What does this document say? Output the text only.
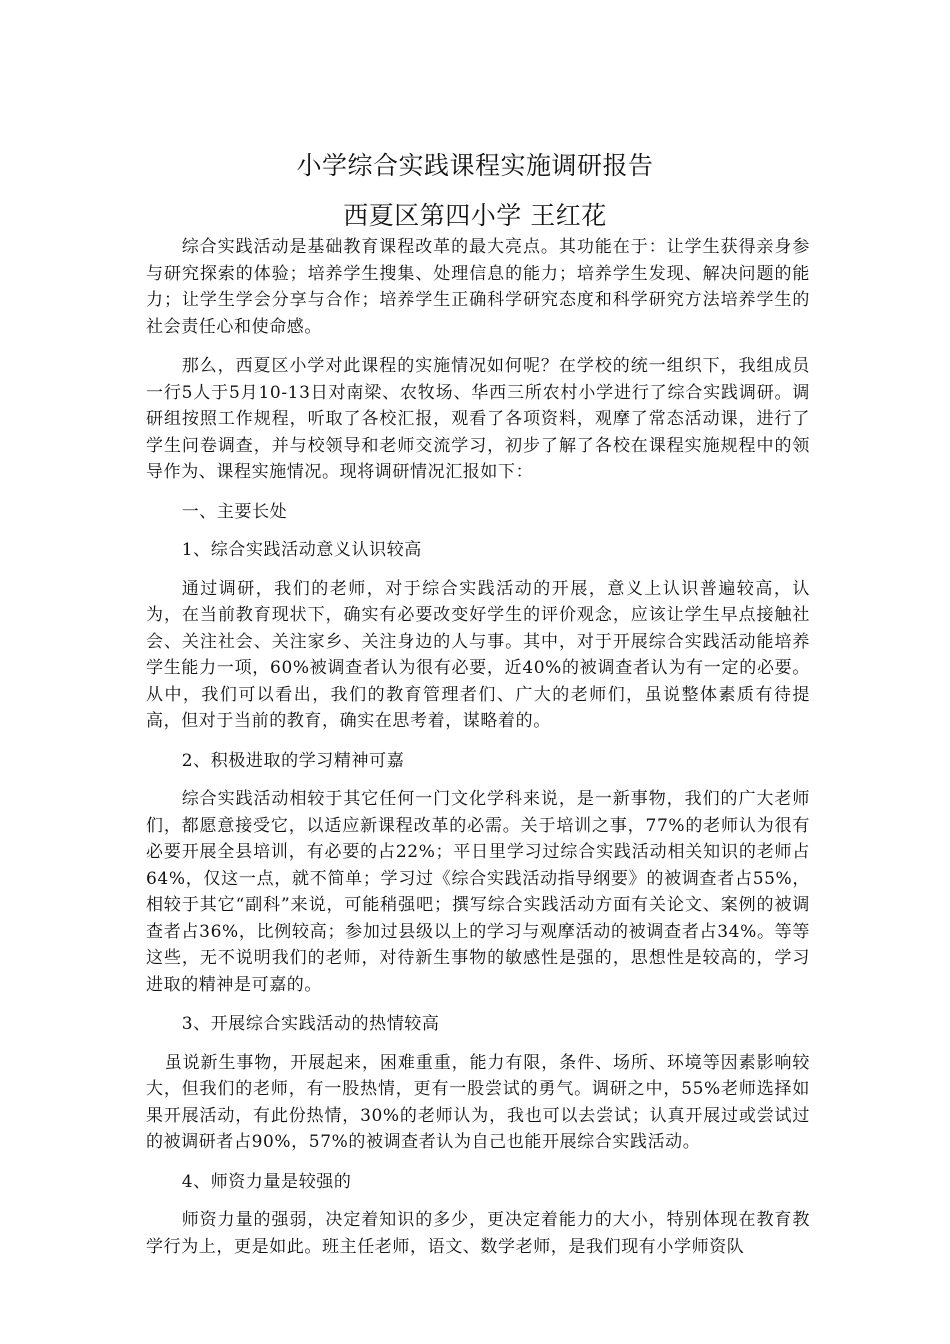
小学综合实践课程实施调研报告
西夏区第四小学 王红花

综合实践活动是基础教育课程改革的最大亮点。其功能在于：让学生获得亲身参与研究探索的体验；培养学生搜集、处理信息的能力；培养学生发现、解决问题的能力；让学生学会分享与合作；培养学生正确科学研究态度和科学研究方法培养学生的社会责任心和使命感。

那么，西夏区小学对此课程的实施情况如何呢？在学校的统一组织下，我组成员一行5人于5月10-13日对南梁、农牧场、华西三所农村小学进行了综合实践调研。调研组按照工作规程，听取了各校汇报，观看了各项资料，观摩了常态活动课，进行了学生问卷调查，并与校领导和老师交流学习，初步了解了各校在课程实施规程中的领导作为、课程实施情况。现将调研情况汇报如下：

一、主要长处

1、综合实践活动意义认识较高

通过调研，我们的老师，对于综合实践活动的开展，意义上认识普遍较高，认为，在当前教育现状下，确实有必要改变好学生的评价观念，应该让学生早点接触社会、关注社会、关注家乡、关注身边的人与事。其中，对于开展综合实践活动能培养学生能力一项，60%被调查者认为很有必要，近40%的被调查者认为有一定的必要。从中，我们可以看出，我们的教育管理者们、广大的老师们，虽说整体素质有待提高，但对于当前的教育，确实在思考着，谋略着的。

2、积极进取的学习精神可嘉

综合实践活动相较于其它任何一门文化学科来说，是一新事物，我们的广大老师们，都愿意接受它，以适应新课程改革的必需。关于培训之事，77%的老师认为很有必要开展全县培训，有必要的占22%；平日里学习过综合实践活动相关知识的老师占64%，仅这一点，就不简单；学习过《综合实践活动指导纲要》的被调查者占55%，相较于其它“副科”来说，可能稍强吧；撰写综合实践活动方面有关论文、案例的被调查者占36%，比例较高；参加过县级以上的学习与观摩活动的被调查者占34%。等等这些，无不说明我们的老师，对待新生事物的敏感性是强的，思想性是较高的，学习进取的精神是可嘉的。

3、开展综合实践活动的热情较高

虽说新生事物，开展起来，困难重重，能力有限，条件、场所、环境等因素影响较大，但我们的老师，有一股热情，更有一股尝试的勇气。调研之中，55%老师选择如果开展活动，有此份热情，30%的老师认为，我也可以去尝试；认真开展过或尝试过的被调研者占90%，57%的被调查者认为自己也能开展综合实践活动。

4、师资力量是较强的

师资力量的强弱，决定着知识的多少，更决定着能力的大小，特别体现在教育教学行为上，更是如此。班主任老师，语文、数学老师，是我们现有小学师资队
